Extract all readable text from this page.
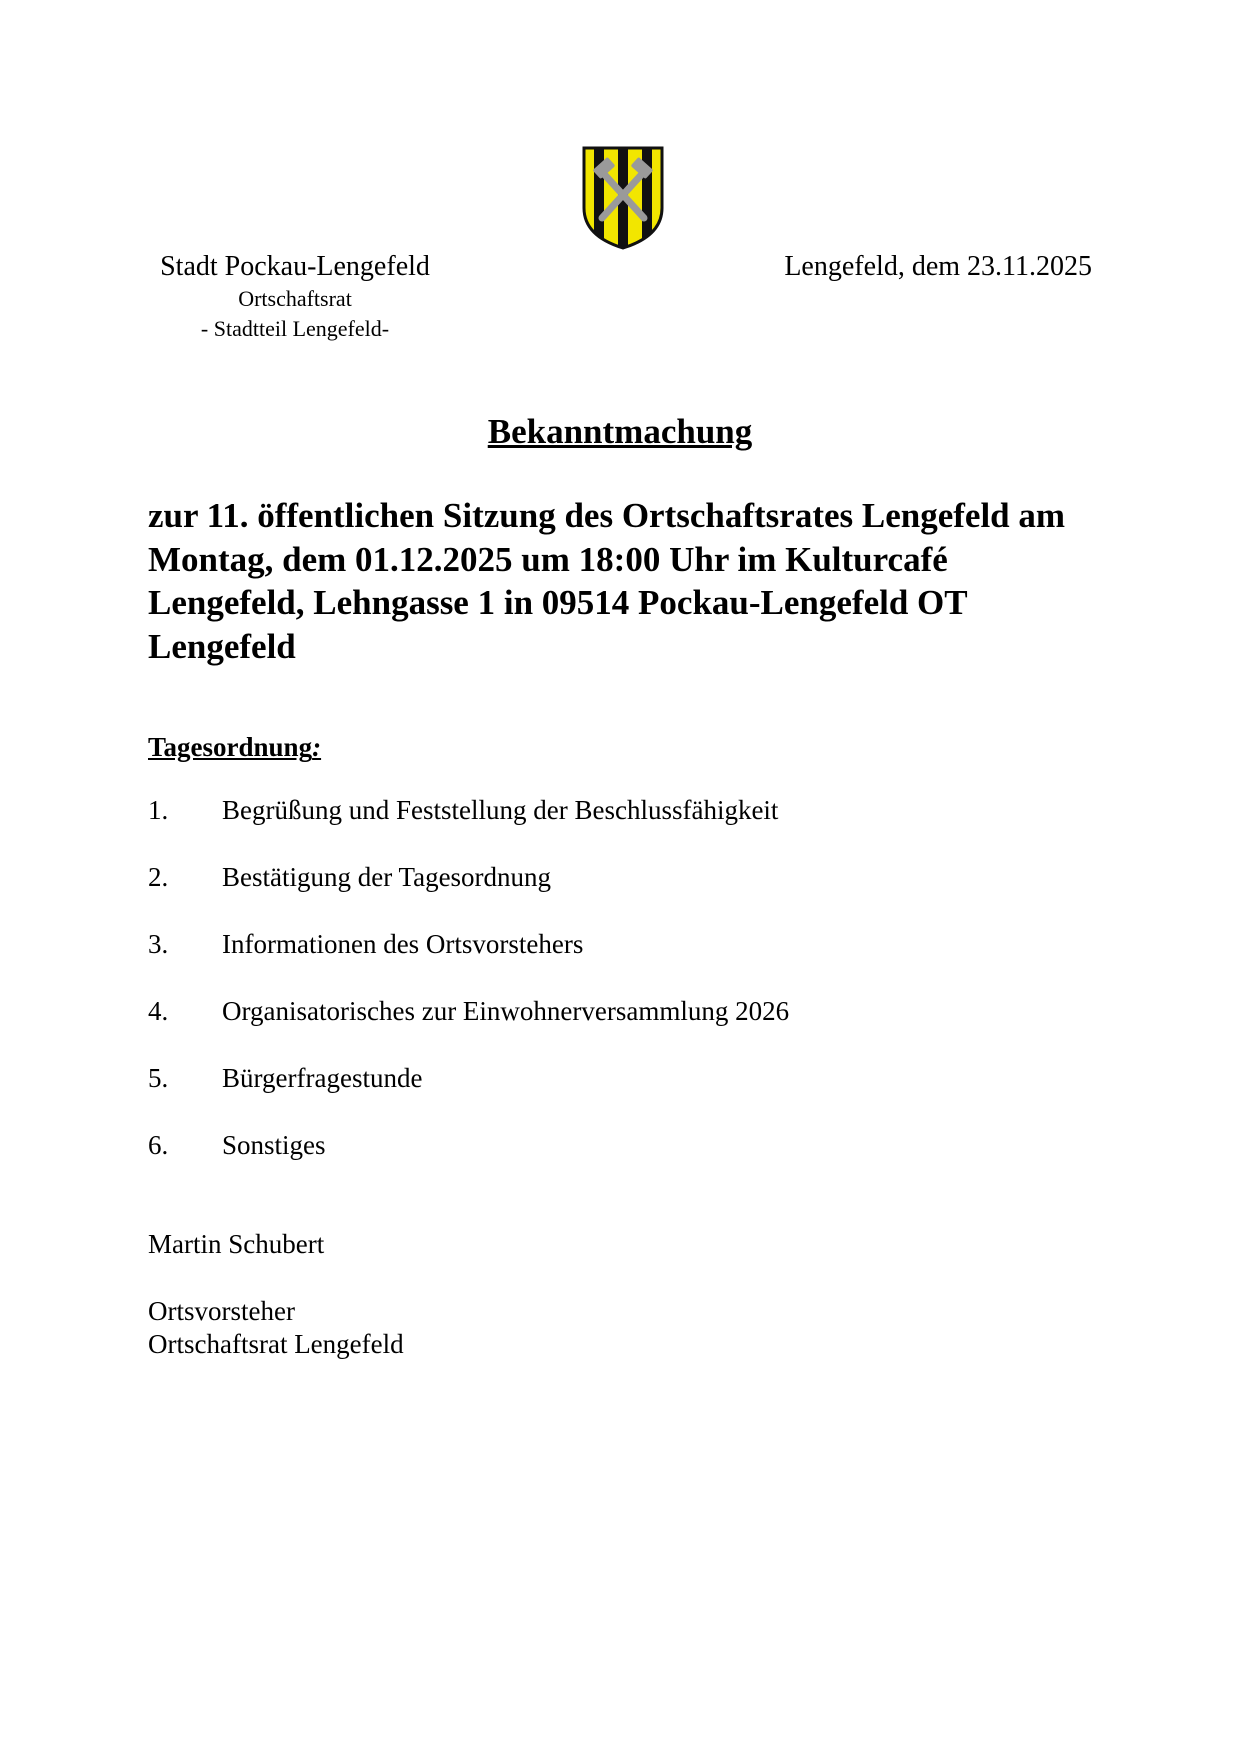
Stadt Pockau-Lengefeld
Ortschaftsrat
- Stadtteil Lengefeld-
Lengefeld, dem 23.11.2025
Bekanntmachung
zur 11. öffentlichen Sitzung des Ortschaftsrates Lengefeld am Montag, dem 01.12.2025 um 18:00 Uhr im Kulturcafé Lengefeld, Lehngasse 1 in 09514 Pockau-Lengefeld OT Lengefeld
Tagesordnung:
1. Begrüßung und Feststellung der Beschlussfähigkeit
2. Bestätigung der Tagesordnung
3. Informationen des Ortsvorstehers
4. Organisatorisches zur Einwohnerversammlung 2026
5. Bürgerfragestunde
6. Sonstiges
Martin Schubert
Ortsvorsteher
Ortschaftsrat Lengefeld
